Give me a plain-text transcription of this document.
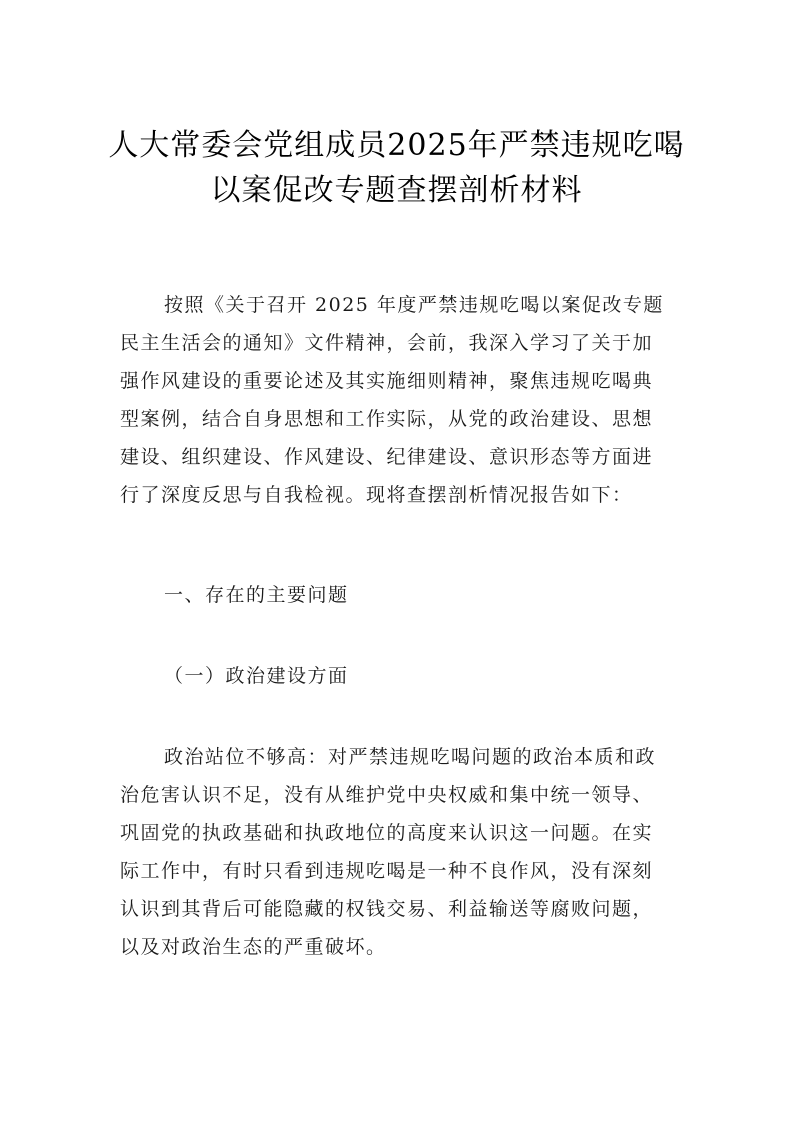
人大常委会党组成员2025年严禁违规吃喝
以案促改专题查摆剖析材料
按照《关于召开 2025 年度严禁违规吃喝以案促改专题
民主生活会的通知》文件精神，会前，我深入学习了关于加
强作风建设的重要论述及其实施细则精神，聚焦违规吃喝典
型案例，结合自身思想和工作实际，从党的政治建设、思想
建设、组织建设、作风建设、纪律建设、意识形态等方面进
行了深度反思与自我检视。现将查摆剖析情况报告如下：
一、存在的主要问题
（一）政治建设方面
政治站位不够高：对严禁违规吃喝问题的政治本质和政
治危害认识不足，没有从维护党中央权威和集中统一领导、
巩固党的执政基础和执政地位的高度来认识这一问题。在实
际工作中，有时只看到违规吃喝是一种不良作风，没有深刻
认识到其背后可能隐藏的权钱交易、利益输送等腐败问题，
以及对政治生态的严重破坏。
